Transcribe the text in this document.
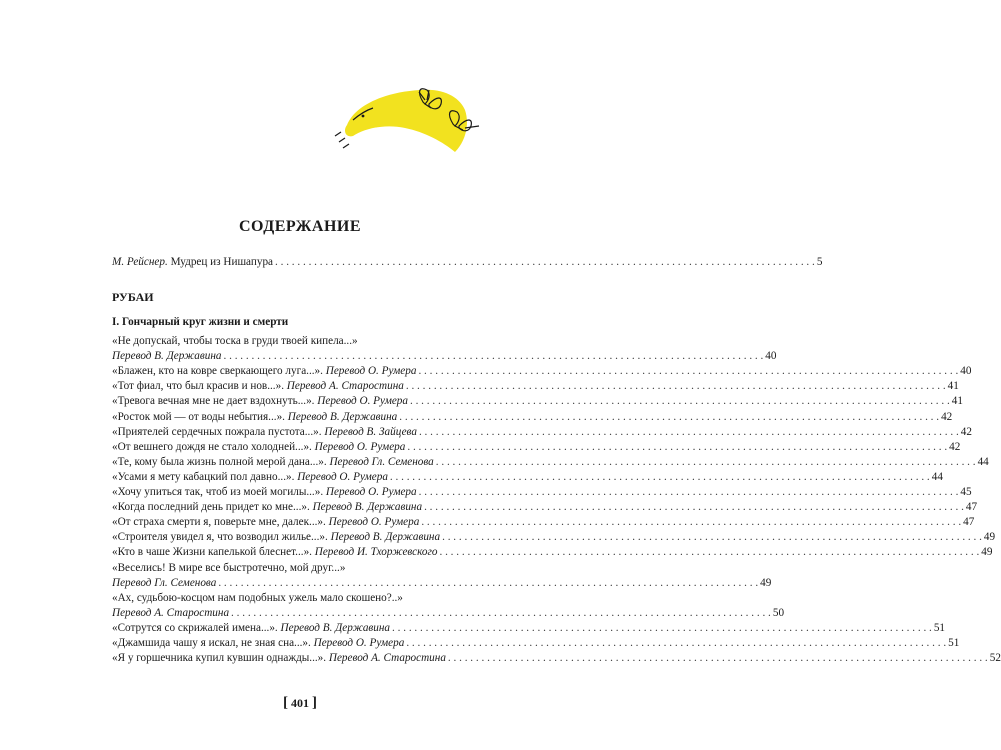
СОДЕРЖАНИЕ
М. Рейснер. Мудрец из Нишапура . . .	5
РУБАИ
I. Гончарный круг жизни и смерти
«Не допускай, чтобы тоска в груди твоей кипела...»
Перевод В. Державина . . .	40
«Блажен, кто на ковре сверкающего луга...». Перевод О. Румера . . .	40
«Тот фиал, что был красив и нов...». Перевод А. Старостина . . .	41
«Тревога вечная мне не дает вздохнуть...». Перевод О. Румера . . .	41
«Росток мой — от воды небытия...». Перевод В. Державина . . .	42
«Приятелей сердечных пожрала пустота...». Перевод В. Зайцева . . .	42
«От вешнего дождя не стало холодней...». Перевод О. Румера . . .	42
«Те, кому была жизнь полной мерой дана...». Перевод Гл. Семенова . . .	44
«Усами я мету кабацкий пол давно...». Перевод О. Румера . . .	44
«Хочу упиться так, чтоб из моей могилы...». Перевод О. Румера . . .	45
«Когда последний день придет ко мне...». Перевод В. Державина . . .	47
«От страха смерти я, поверьте мне, далек...». Перевод О. Румера . . .	47
«Строителя увидел я, что возводил жилье...». Перевод В. Державина . . .	49
«Кто в чаше Жизни капелькой блеснет...». Перевод И. Тхоржевского . . .	49
«Веселись! В мире все быстротечно, мой друг...»
Перевод Гл. Семенова . . .	49
«Ах, судьбою-косцом нам подобных ужель мало скошено?..»
Перевод А. Старостина . . .	50
«Сотрутся со скрижалей имена...». Перевод В. Державина . . .	51
«Джамшида чашу я искал, не зная сна...». Перевод О. Румера . . .	51
«Я у горшечника купил кувшин однажды...». Перевод А. Старостина . . .	52
[ 401 ]
